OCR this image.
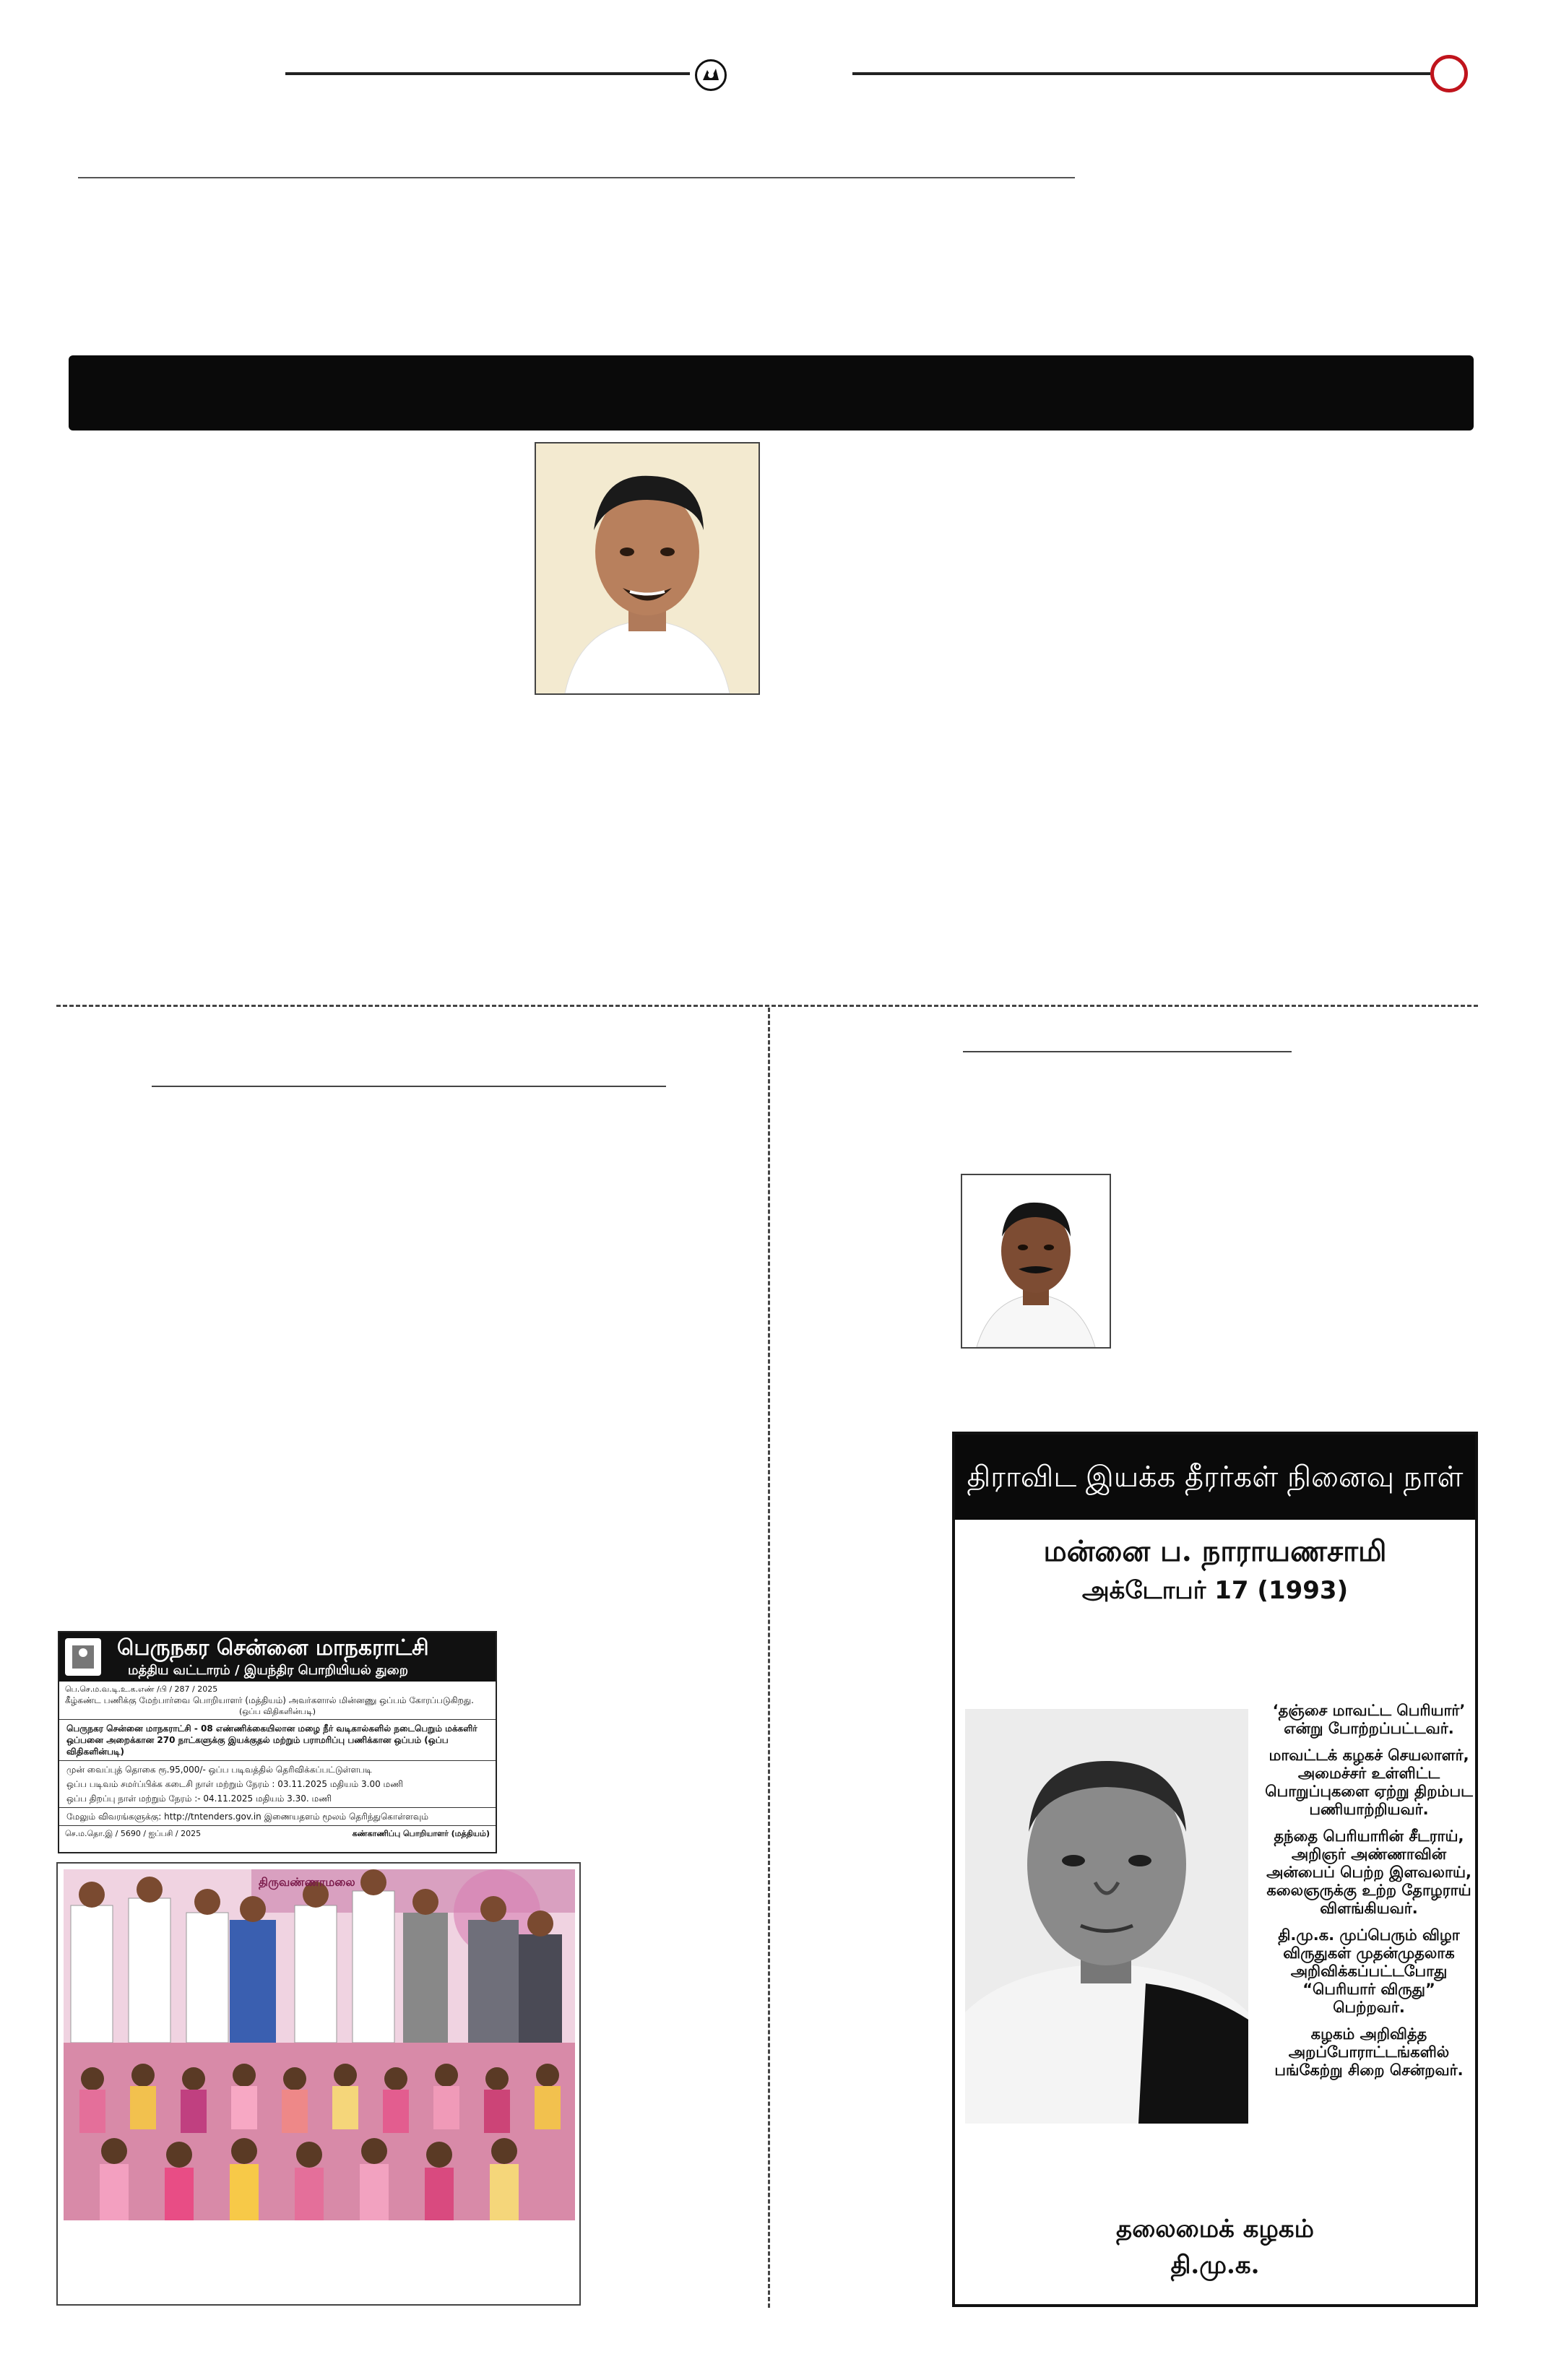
பெருநகர சென்னை மாநகராட்சி
மத்திய வட்டாரம் / இயந்திர பொறியியல் துறை
பெ.செ.ம.வ.டி.உ.க.எண் /பி / 287 / 2025
கீழ்கண்ட பணிக்கு மேற்பார்வை பொறியாளர் (மத்தியம்) அவர்களால் மின்னணு ஒப்பம் கோரப்படுகிறது.
(ஒப்ப விதிகளின்படி)
பெருநகர சென்னை மாநகராட்சி - 08 எண்ணிக்கையிலான மழை நீர் வடிகால்களில் நடைபெறும் மக்களிர் ஒப்பனை அறைக்கான 270 நாட்களுக்கு இயக்குதல் மற்றும் பராமரிப்பு பணிக்கான ஒப்பம் (ஒப்ப விதிகளின்படி)
முன் வைப்புத் தொகை ரூ.95,000/- ஒப்ப படிவத்தில் தெரிவிக்கப்பட்டுள்ளபடி
ஒப்ப படிவம் சமர்ப்பிக்க கடைசி நாள் மற்றும் நேரம் : 03.11.2025 மதியம் 3.00 மணி
ஒப்ப திறப்பு நாள் மற்றும் நேரம் :- 04.11.2025 மதியம் 3.30. மணி
மேலும் விவரங்களுக்கு: http://tntenders.gov.in இணையதளம் மூலம் தெரிந்துகொள்ளவும்
செ.ம.தொ.இ / 5690 / ஐப்பசி / 2025	கண்காணிப்பு பொறியாளர் (மத்தியம்)
திருவண்ணாமலை
திராவிட இயக்க தீரர்கள் நினைவு நாள்
மன்னை ப. நாராயணசாமி
அக்டோபர் 17 (1993)
‘தஞ்சை மாவட்ட பெரியார்’ என்று போற்றப்பட்டவர்.
மாவட்டக் கழகச் செயலாளர், அமைச்சர் உள்ளிட்ட பொறுப்புகளை ஏற்று திறம்பட பணியாற்றியவர்.
தந்தை பெரியாரின் சீடராய், அறிஞர் அண்ணாவின் அன்பைப் பெற்ற இளவலாய், கலைஞருக்கு உற்ற தோழராய் விளங்கியவர்.
தி.மு.க. முப்பெரும் விழா விருதுகள் முதன்முதலாக அறிவிக்கப்பட்டபோது “பெரியார் விருது” பெற்றவர்.
கழகம் அறிவித்த அறப்போராட்டங்களில் பங்கேற்று சிறை சென்றவர்.
தலைமைக் கழகம்
தி.மு.க.
